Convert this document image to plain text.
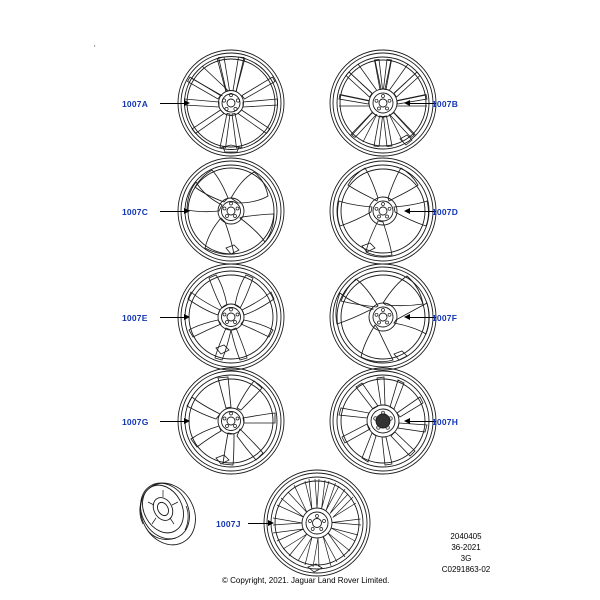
'
1007A	1007B
1007C	1007D
1007E	1007F
1007G	1007H
1007J
2040405
36-2021
3G
C0291863-02
© Copyright, 2021. Jaguar Land Rover Limited.
